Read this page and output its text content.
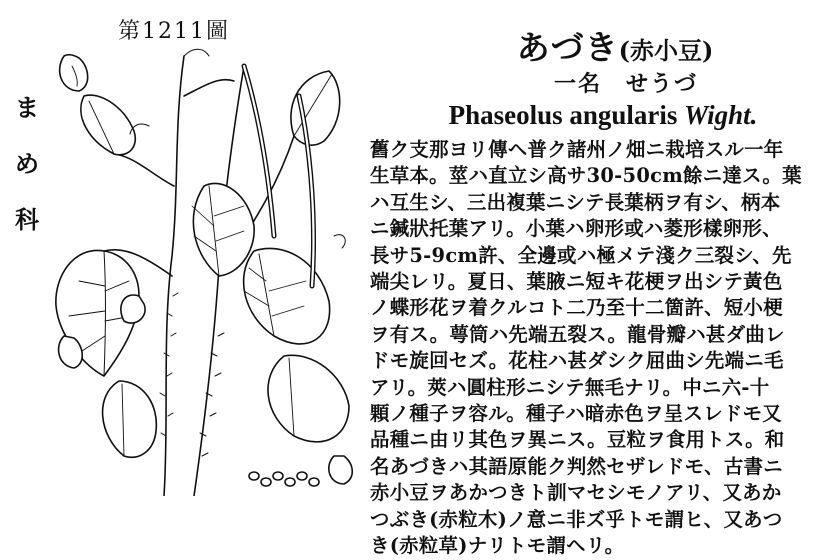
第1211圖
ま
め
科
あづき(赤小豆)
一名　せうづ
Phaseolus angularis Wight.
舊ク支那ヨリ傳ヘ普ク諸州ノ畑ニ栽培スル一年
生草本。莖ハ直立シ高サ30-50cm餘ニ達ス。葉
ハ互生シ、三出複葉ニシテ長葉柄ヲ有シ、柄本
ニ鍼狀托葉アリ。小葉ハ卵形或ハ菱形樣卵形、
長サ5-9cm許、全邊或ハ極メテ淺ク三裂シ、先
端尖レリ。夏日、葉腋ニ短キ花梗ヲ出シテ黃色
ノ蝶形花ヲ着クルコト二乃至十二箇許、短小梗
ヲ有ス。萼筒ハ先端五裂ス。龍骨瓣ハ甚ダ曲レ
ドモ旋回セズ。花柱ハ甚ダシク屈曲シ先端ニ毛
アリ。莢ハ圓柱形ニシテ無毛ナリ。中ニ六-十
顆ノ種子ヲ容ル。種子ハ暗赤色ヲ呈スレドモ又
品種ニ由リ其色ヲ異ニス。豆粒ヲ食用トス。和
名あづきハ其語原能ク判然セザレドモ、古書ニ
赤小豆ヲあかつきト訓マセシモノアリ、又あか
つぶき(赤粒木)ノ意ニ非ズ乎トモ謂ヒ、又あつ
き(赤粒草)ナリトモ謂ヘリ。
